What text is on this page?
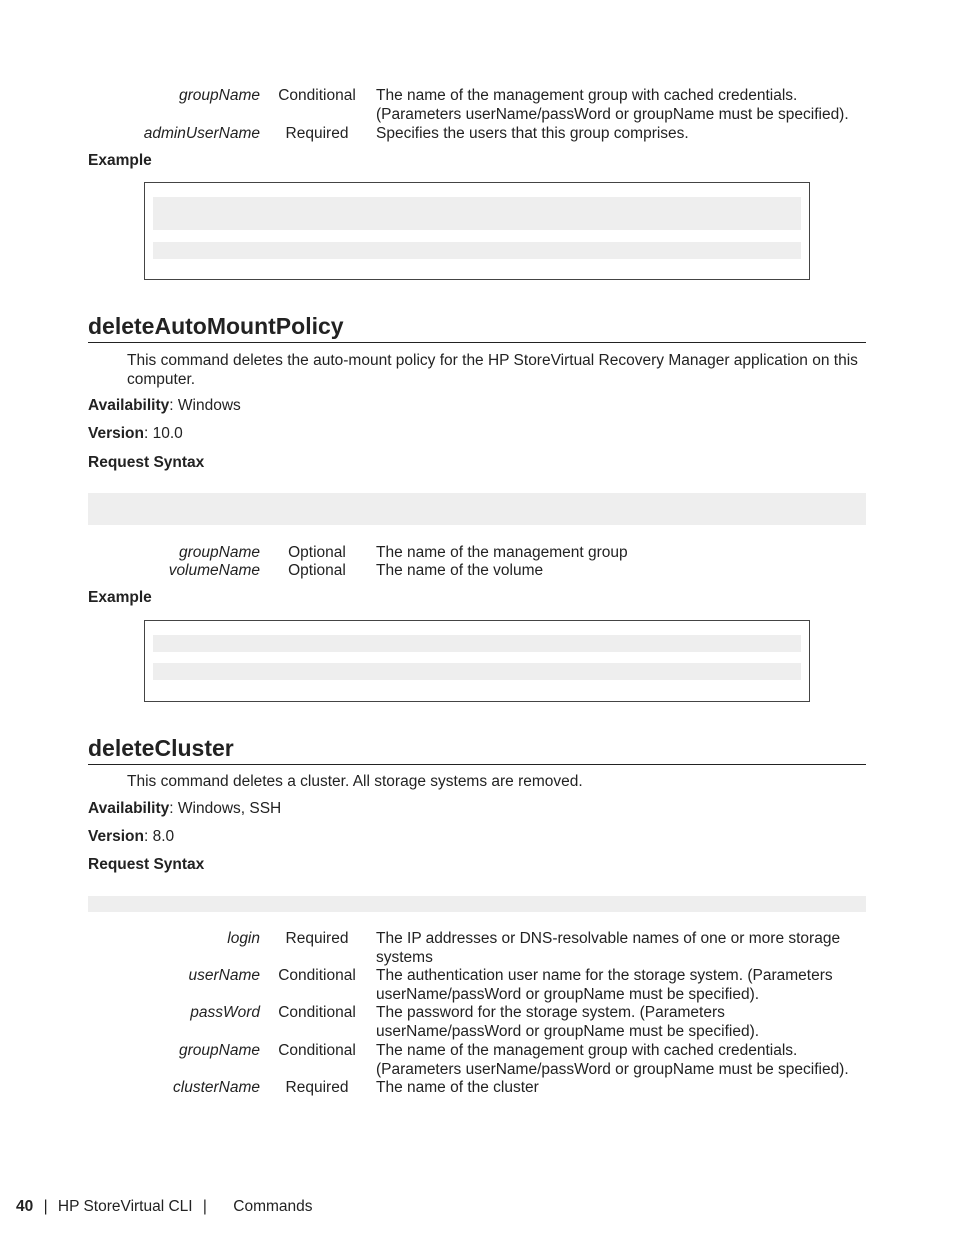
groupName	Conditional	The name of the management group with cached credentials. (Parameters userName/passWord or groupName must be specified).
adminUserName	Required	Specifies the users that this group comprises.
Example
deleteAutoMountPolicy
This command deletes the auto-mount policy for the HP StoreVirtual Recovery Manager application on this computer.
Availability: Windows
Version: 10.0
Request Syntax
groupName	Optional	The name of the management group
volumeName	Optional	The name of the volume
Example
deleteCluster
This command deletes a cluster. All storage systems are removed.
Availability: Windows, SSH
Version: 8.0
Request Syntax
login	Required	The IP addresses or DNS-resolvable names of one or more storage systems
userName	Conditional	The authentication user name for the storage system. (Parameters userName/passWord or groupName must be specified).
passWord	Conditional	The password for the storage system. (Parameters userName/passWord or groupName must be specified).
groupName	Conditional	The name of the management group with cached credentials. (Parameters userName/passWord or groupName must be specified).
clusterName	Required	The name of the cluster
40 | HP StoreVirtual CLI | Commands
